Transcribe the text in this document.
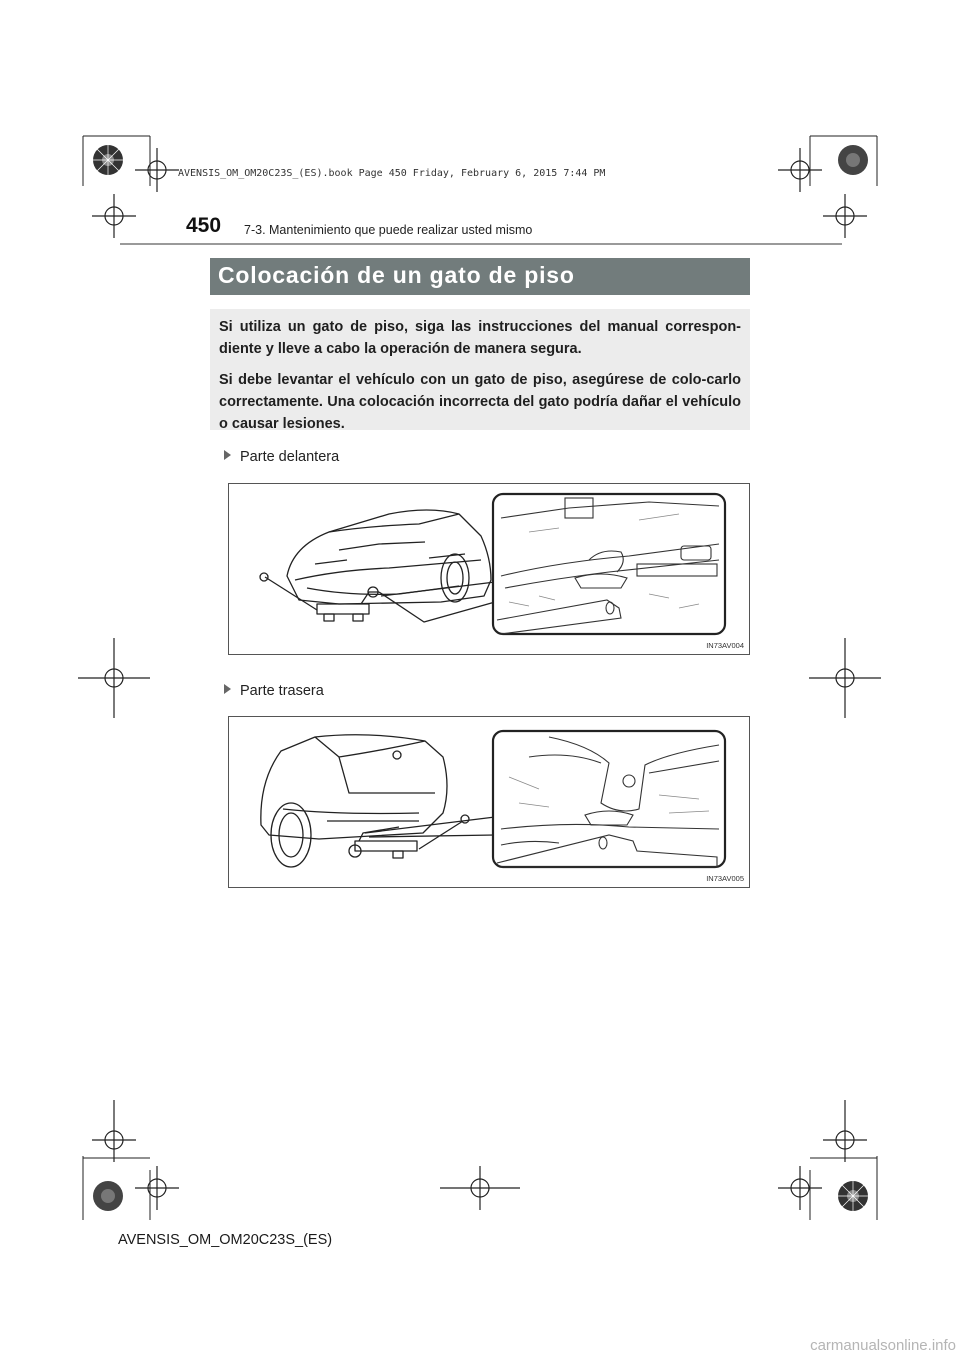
AVENSIS_OM_OM20C23S_(ES).book Page 450 Friday, February 6, 2015 7:44 PM
450 7-3. Mantenimiento que puede realizar usted mismo
Colocación de un gato de piso

Si utiliza un gato de piso, siga las instrucciones del manual correspon-diente y lleve a cabo la operación de manera segura.

Si debe levantar el vehículo con un gato de piso, asegúrese de colo-carlo correctamente. Una colocación incorrecta del gato podría dañar el vehículo o causar lesiones.

Parte delantera
IN73AV004
Parte trasera
IN73AV005
AVENSIS_OM_OM20C23S_(ES)
carmanualsonline.info
